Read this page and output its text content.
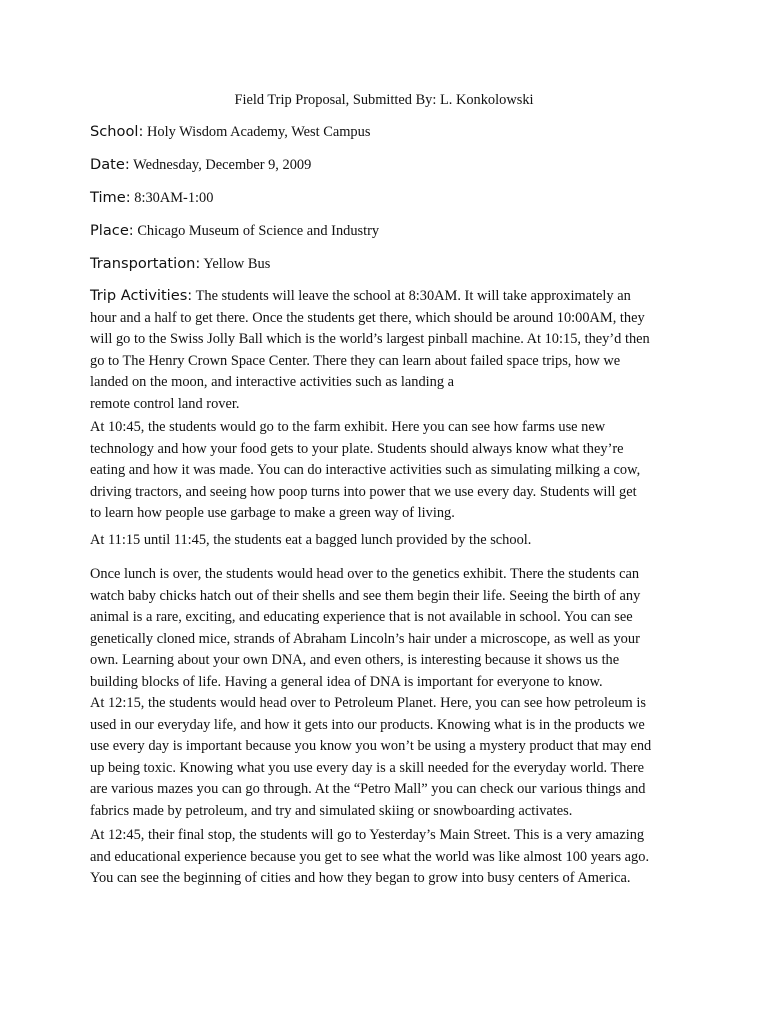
Field Trip Proposal, Submitted By: L. Konkolowski
School: Holy Wisdom Academy, West Campus
Date: Wednesday, December 9, 2009
Time: 8:30AM-1:00
Place: Chicago Museum of Science and Industry
Transportation: Yellow Bus
Trip Activities: The students will leave the school at 8:30AM. It will take approximately an
hour and a half to get there. Once the students get there, which should be around 10:00AM, they
will go to the Swiss Jolly Ball which is the world’s largest pinball machine. At 10:15, they’d then
go to The Henry Crown Space Center. There they can learn about failed space trips, how we
landed on the moon, and interactive activities such as landing a
remote control land rover.
At 10:45, the students would go to the farm exhibit. Here you can see how farms use new
technology and how your food gets to your plate. Students should always know what they’re
eating and how it was made. You can do interactive activities such as simulating milking a cow,
driving tractors, and seeing how poop turns into power that we use every day. Students will get
to learn how people use garbage to make a green way of living.
At 11:15 until 11:45, the students eat a bagged lunch provided by the school.
Once lunch is over, the students would head over to the genetics exhibit. There the students can
watch baby chicks hatch out of their shells and see them begin their life. Seeing the birth of any
animal is a rare, exciting, and educating experience that is not available in school. You can see
genetically cloned mice, strands of Abraham Lincoln’s hair under a microscope, as well as your
own. Learning about your own DNA, and even others, is interesting because it shows us the
building blocks of life. Having a general idea of DNA is important for everyone to know.
At 12:15, the students would head over to Petroleum Planet. Here, you can see how petroleum is
used in our everyday life, and how it gets into our products. Knowing what is in the products we
use every day is important because you know you won’t be using a mystery product that may end
up being toxic. Knowing what you use every day is a skill needed for the everyday world. There
are various mazes you can go through. At the “Petro Mall” you can check our various things and
fabrics made by petroleum, and try and simulated skiing or snowboarding activates.
At 12:45, their final stop, the students will go to Yesterday’s Main Street. This is a very amazing
and educational experience because you get to see what the world was like almost 100 years ago.
You can see the beginning of cities and how they began to grow into busy centers of America.
